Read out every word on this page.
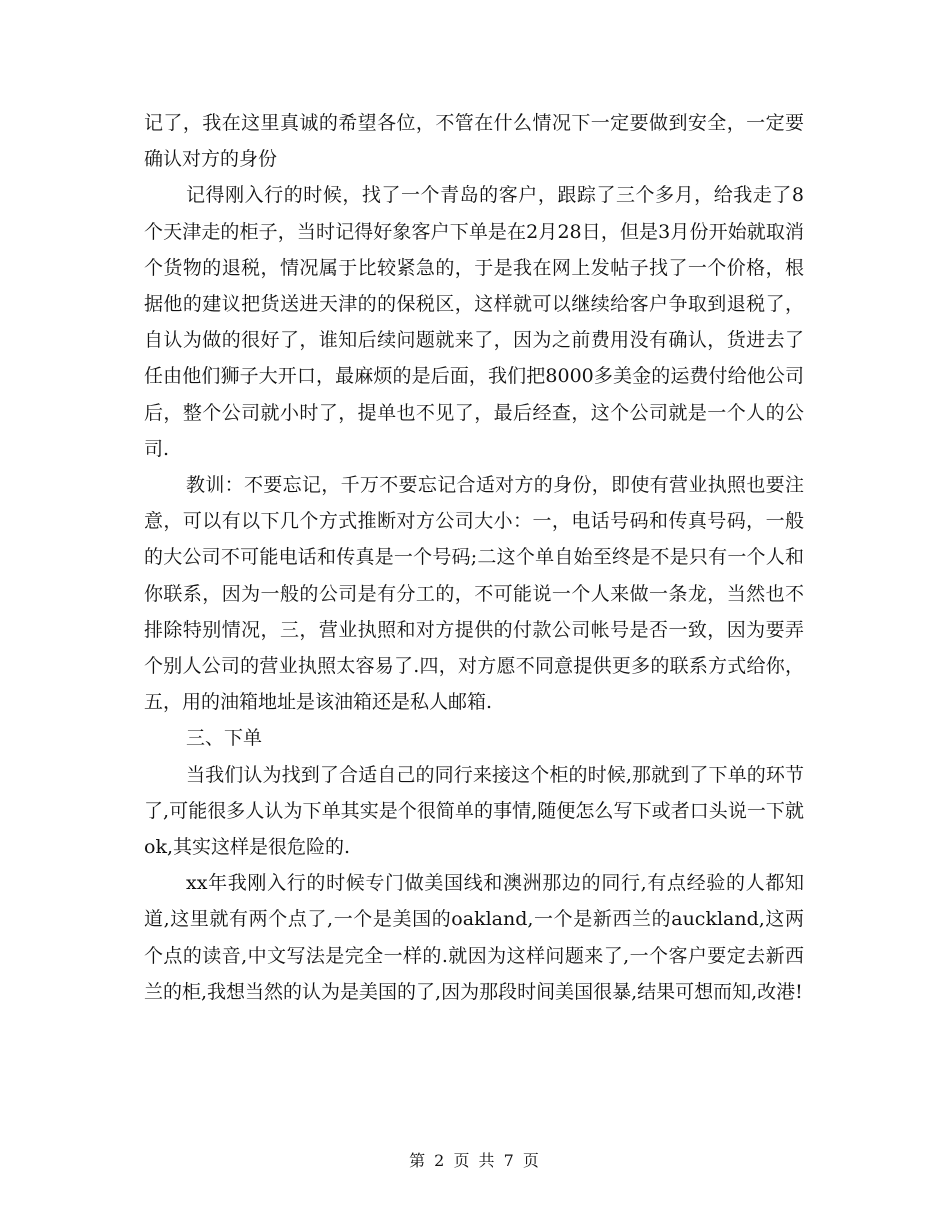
记了，我在这里真诚的希望各位，不管在什么情况下一定要做到安全，一定要确认对方的身份

记得刚入行的时候，找了一个青岛的客户，跟踪了三个多月，给我走了8个天津走的柜子，当时记得好象客户下单是在2月28日，但是3月份开始就取消个货物的退税，情况属于比较紧急的，于是我在网上发帖子找了一个价格，根据他的建议把货送进天津的的保税区，这样就可以继续给客户争取到退税了，自认为做的很好了，谁知后续问题就来了，因为之前费用没有确认，货进去了任由他们狮子大开口，最麻烦的是后面，我们把8000多美金的运费付给他公司后，整个公司就小时了，提单也不见了，最后经查，这个公司就是一个人的公司.

教训：不要忘记，千万不要忘记合适对方的身份，即使有营业执照也要注意，可以有以下几个方式推断对方公司大小：一，电话号码和传真号码，一般的大公司不可能电话和传真是一个号码;二这个单自始至终是不是只有一个人和你联系，因为一般的公司是有分工的，不可能说一个人来做一条龙，当然也不排除特别情况，三，营业执照和对方提供的付款公司帐号是否一致，因为要弄个别人公司的营业执照太容易了.四，对方愿不同意提供更多的联系方式给你，五，用的油箱地址是该油箱还是私人邮箱.

三、下单

当我们认为找到了合适自己的同行来接这个柜的时候,那就到了下单的环节了,可能很多人认为下单其实是个很简单的事情,随便怎么写下或者口头说一下就ok,其实这样是很危险的.

xx年我刚入行的时候专门做美国线和澳洲那边的同行,有点经验的人都知道,这里就有两个点了,一个是美国的oakland,一个是新西兰的auckland,这两个点的读音,中文写法是完全一样的.就因为这样问题来了,一个客户要定去新西兰的柜,我想当然的认为是美国的了,因为那段时间美国很暴,结果可想而知,改港!

第 2 页 共 7 页
